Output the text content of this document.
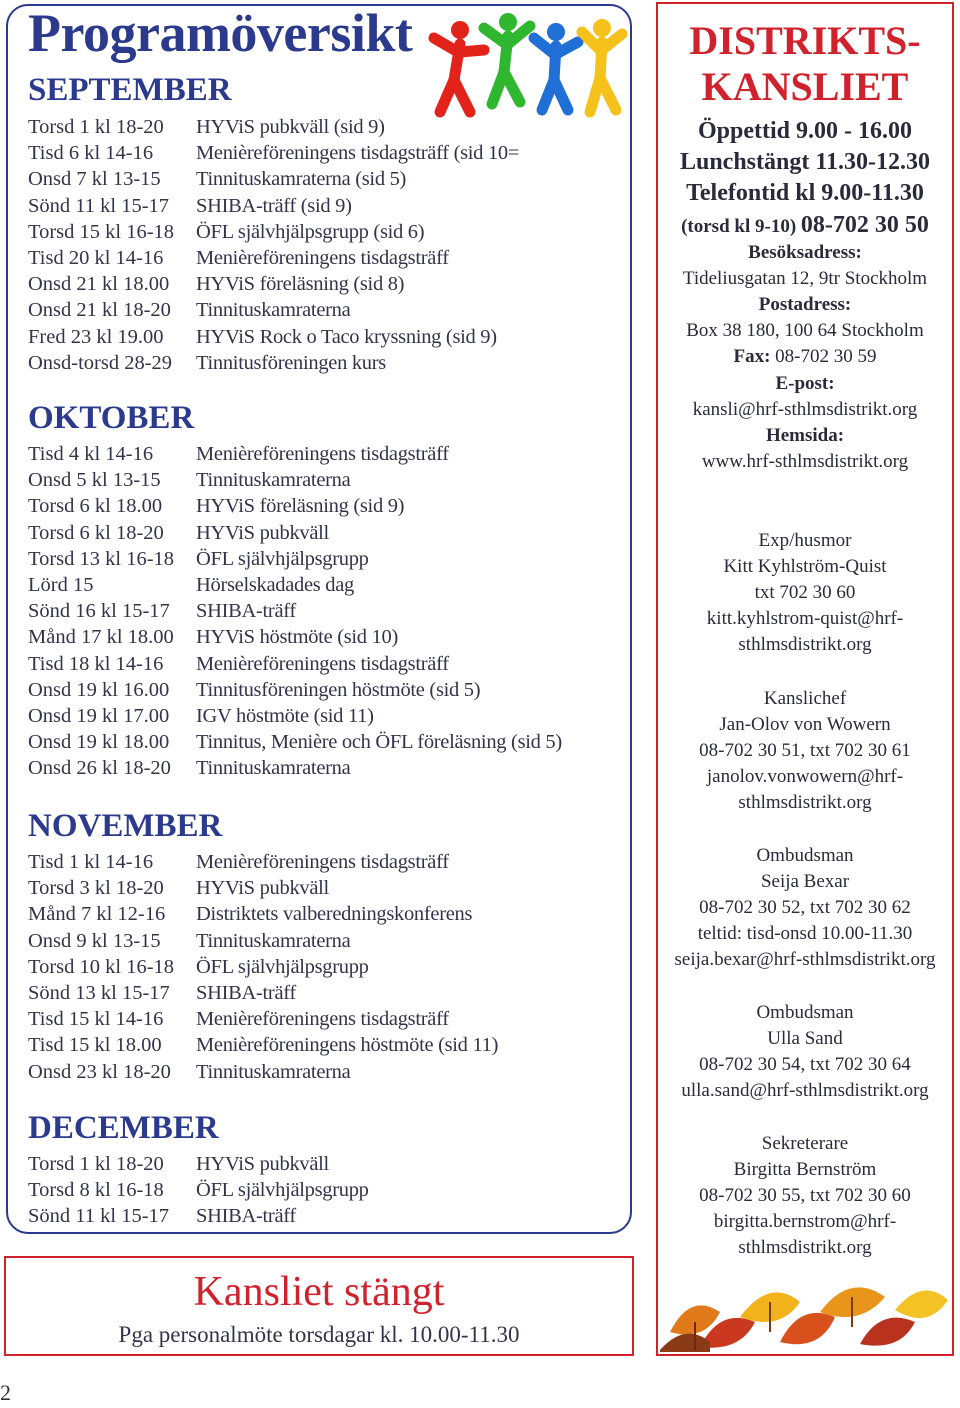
Programöversikt
SEPTEMBER
Torsd 1 kl 18-20 HYViS pubkväll (sid 9)
Tisd 6 kl 14-16 Menièreföreningens tisdagsträff (sid 10=
Onsd 7 kl 13-15 Tinnituskamraterna (sid 5)
Sönd 11 kl 15-17 SHIBA-träff (sid 9)
Torsd 15 kl 16-18 ÖFL självhjälpsgrupp (sid 6)
Tisd 20 kl 14-16 Menièreföreningens tisdagsträff
Onsd 21 kl 18.00 HYViS föreläsning (sid 8)
Onsd 21 kl 18-20 Tinnituskamraterna
Fred 23 kl 19.00 HYViS Rock o Taco kryssning (sid 9)
Onsd-torsd 28-29 Tinnitusföreningen kurs
OKTOBER
Tisd 4 kl 14-16 Menièreföreningens tisdagsträff
Onsd 5 kl 13-15 Tinnituskamraterna
Torsd 6 kl 18.00 HYViS föreläsning (sid 9)
Torsd 6 kl 18-20 HYViS pubkväll
Torsd 13 kl 16-18 ÖFL självhjälpsgrupp
Lörd 15	Hörselskadades dag
Sönd 16 kl 15-17 SHIBA-träff
Månd 17 kl 18.00 HYViS höstmöte (sid 10)
Tisd 18 kl 14-16 Menièreföreningens tisdagsträff
Onsd 19 kl 16.00 Tinnitusföreningen höstmöte (sid 5)
Onsd 19 kl 17.00 IGV höstmöte (sid 11)
Onsd 19 kl 18.00 Tinnitus, Menière och ÖFL föreläsning (sid 5)
Onsd 26 kl 18-20 Tinnituskamraterna
NOVEMBER
Tisd 1 kl 14-16 Menièreföreningens tisdagsträff
Torsd 3 kl 18-20 HYViS pubkväll
Månd 7 kl 12-16 Distriktets valberedningskonferens
Onsd 9 kl 13-15 Tinnituskamraterna
Torsd 10 kl 16-18 ÖFL självhjälpsgrupp
Sönd 13 kl 15-17 SHIBA-träff
Tisd 15 kl 14-16 Menièreföreningens tisdagsträff
Tisd 15 kl 18.00 Menièreföreningens höstmöte (sid 11)
Onsd 23 kl 18-20 Tinnituskamraterna
DECEMBER
Torsd 1 kl 18-20 HYViS pubkväll
Torsd 8 kl 16-18 ÖFL självhjälpsgrupp
Sönd 11 kl 15-17 SHIBA-träff

Kansliet stängt

Pga personalmöte torsdagar kl. 10.00-11.30
2
DISTRIKTS-
KANSLIET
Öppettid 9.00 - 16.00
Lunchstängt 11.30-12.30
Telefontid kl 9.00-11.30
(torsd kl 9-10) 08-702 30 50
Besöksadress:
Tideliusgatan 12, 9tr Stockholm
Postadress:
Box 38 180, 100 64 Stockholm
Fax: 08-702 30 59
E-post:
kansli@hrf-sthlmsdistrikt.org
Hemsida:
www.hrf-sthlmsdistrikt.org
Exp/husmor
Kitt Kyhlström-Quist
txt 702 30 60
kitt.kyhlstrom-quist@hrf-
sthlmsdistrikt.org
Kanslichef
Jan-Olov von Wowern
08-702 30 51, txt 702 30 61
janolov.vonwowern@hrf-
sthlmsdistrikt.org
Ombudsman
Seija Bexar
08-702 30 52, txt 702 30 62
teltid: tisd-onsd 10.00-11.30
seija.bexar@hrf-sthlmsdistrikt.org
Ombudsman
Ulla Sand
08-702 30 54, txt 702 30 64
ulla.sand@hrf-sthlmsdistrikt.org
Sekreterare
Birgitta Bernström
08-702 30 55, txt 702 30 60
birgitta.bernstrom@hrf-
sthlmsdistrikt.org
